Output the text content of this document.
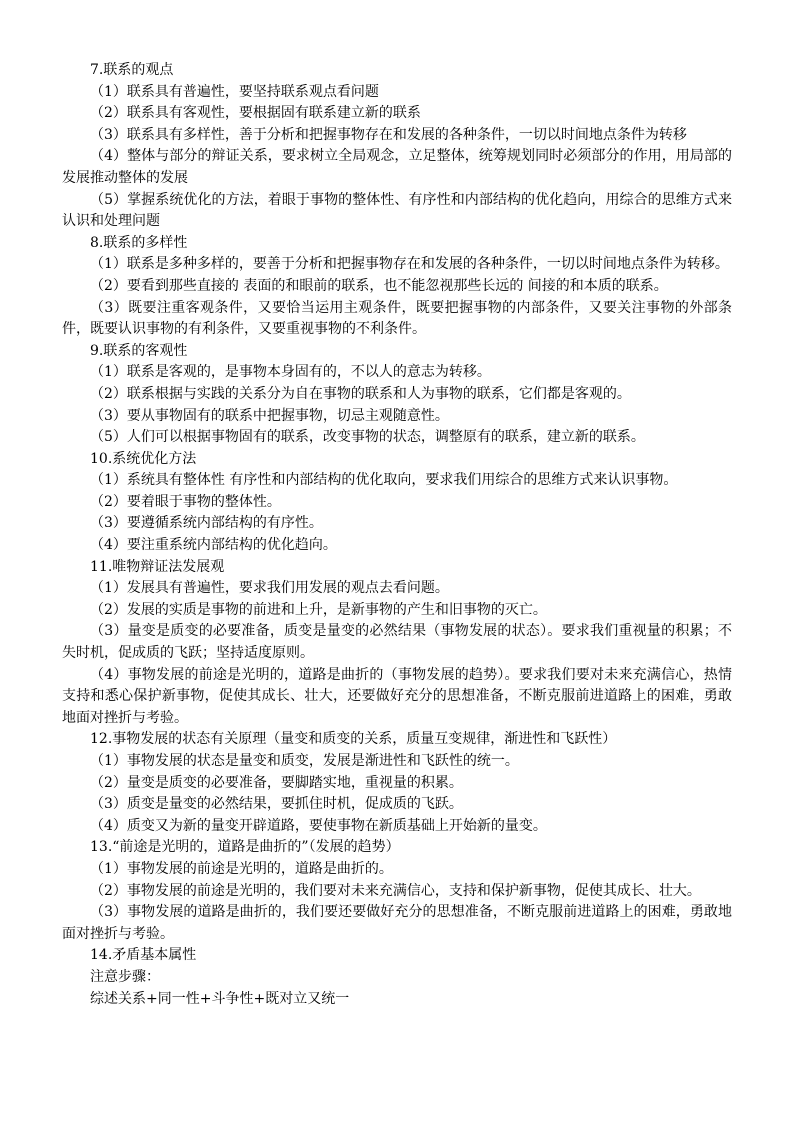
7.联系的观点

（1）联系具有普遍性，要坚持联系观点看问题

（2）联系具有客观性，要根据固有联系建立新的联系

（3）联系具有多样性，善于分析和把握事物存在和发展的各种条件，一切以时间地点条件为转移

（4）整体与部分的辩证关系，要求树立全局观念，立足整体，统筹规划同时必须部分的作用，用局部的发展推动整体的发展

（5）掌握系统优化的方法，着眼于事物的整体性、有序性和内部结构的优化趋向，用综合的思维方式来认识和处理问题

8.联系的多样性

（1）联系是多种多样的，要善于分析和把握事物存在和发展的各种条件，一切以时间地点条件为转移。

（2）要看到那些直接的 表面的和眼前的联系，也不能忽视那些长远的 间接的和本质的联系。

（3）既要注重客观条件，又要恰当运用主观条件，既要把握事物的内部条件，又要关注事物的外部条件，既要认识事物的有利条件，又要重视事物的不利条件。

9.联系的客观性

（1）联系是客观的，是事物本身固有的，不以人的意志为转移。

（2）联系根据与实践的关系分为自在事物的联系和人为事物的联系，它们都是客观的。

（3）要从事物固有的联系中把握事物，切忌主观随意性。

（5）人们可以根据事物固有的联系，改变事物的状态，调整原有的联系，建立新的联系。

10.系统优化方法

（1）系统具有整体性 有序性和内部结构的优化取向，要求我们用综合的思维方式来认识事物。

（2）要着眼于事物的整体性。

（3）要遵循系统内部结构的有序性。

（4）要注重系统内部结构的优化趋向。

11.唯物辩证法发展观

（1）发展具有普遍性，要求我们用发展的观点去看问题。

（2）发展的实质是事物的前进和上升，是新事物的产生和旧事物的灭亡。

（3）量变是质变的必要准备，质变是量变的必然结果（事物发展的状态）。要求我们重视量的积累；不失时机，促成质的飞跃；坚持适度原则。

（4）事物发展的前途是光明的，道路是曲折的（事物发展的趋势）。要求我们要对未来充满信心，热情支持和悉心保护新事物，促使其成长、壮大，还要做好充分的思想准备，不断克服前进道路上的困难，勇敢地面对挫折与考验。

12.事物发展的状态有关原理（量变和质变的关系，质量互变规律，渐进性和飞跃性）

（1）事物发展的状态是量变和质变，发展是渐进性和飞跃性的统一。

（2）量变是质变的必要准备，要脚踏实地，重视量的积累。

（3）质变是量变的必然结果，要抓住时机，促成质的飞跃。

（4）质变又为新的量变开辟道路，要使事物在新质基础上开始新的量变。

13.“前途是光明的，道路是曲折的”（发展的趋势）

（1）事物发展的前途是光明的，道路是曲折的。

（2）事物发展的前途是光明的，我们要对未来充满信心，支持和保护新事物，促使其成长、壮大。

（3）事物发展的道路是曲折的，我们要还要做好充分的思想准备，不断克服前进道路上的困难，勇敢地面对挫折与考验。

14.矛盾基本属性

注意步骤：

综述关系+同一性+斗争性+既对立又统一
